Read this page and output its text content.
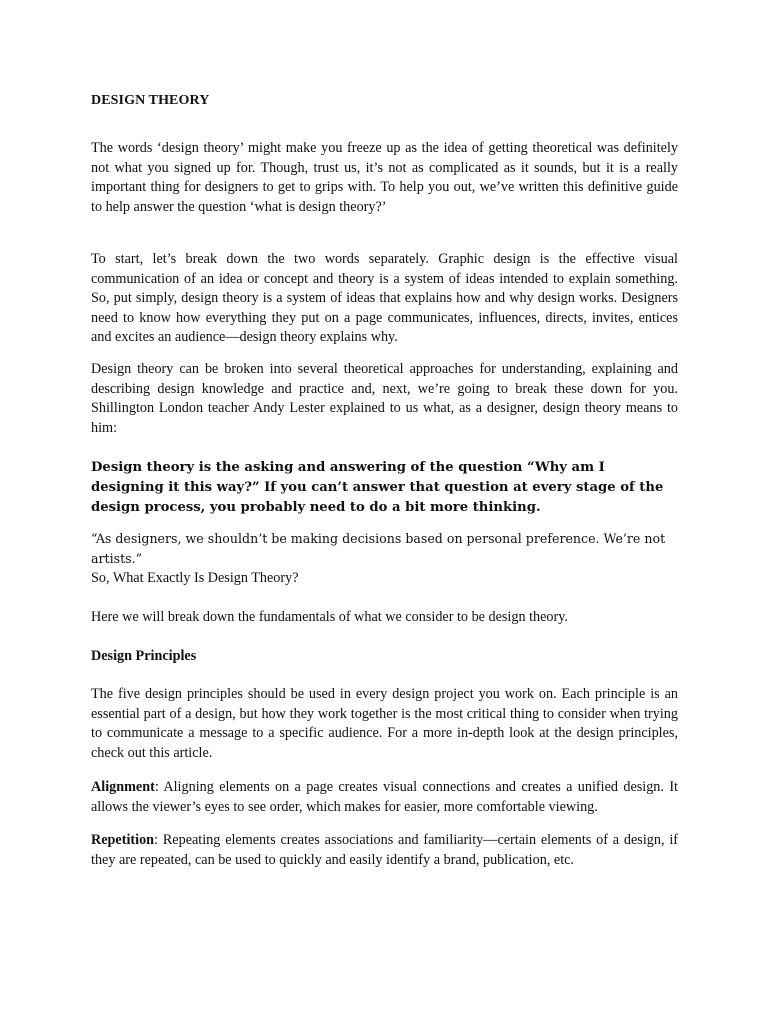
DESIGN THEORY

The words ‘design theory’ might make you freeze up as the idea of getting theoretical was definitely not what you signed up for. Though, trust us, it’s not as complicated as it sounds, but it is a really important thing for designers to get to grips with. To help you out, we’ve written this definitive guide to help answer the question ‘what is design theory?’

To start, let’s break down the two words separately. Graphic design is the effective visual communication of an idea or concept and theory is a system of ideas intended to explain something. So, put simply, design theory is a system of ideas that explains how and why design works. Designers need to know how everything they put on a page communicates, influences, directs, invites, entices and excites an audience—design theory explains why.

Design theory can be broken into several theoretical approaches for understanding, explaining and describing design knowledge and practice and, next, we’re going to break these down for you. Shillington London teacher Andy Lester explained to us what, as a designer, design theory means to him:

Design theory is the asking and answering of the question “Why am I designing it this way?” If you can’t answer that question at every stage of the design process, you probably need to do a bit more thinking.

“As designers, we shouldn’t be making decisions based on personal preference. We’re not artists.”

So, What Exactly Is Design Theory?

Here we will break down the fundamentals of what we consider to be design theory.

Design Principles

The five design principles should be used in every design project you work on. Each principle is an essential part of a design, but how they work together is the most critical thing to consider when trying to communicate a message to a specific audience. For a more in-depth look at the design principles, check out this article.

Alignment: Aligning elements on a page creates visual connections and creates a unified design. It allows the viewer’s eyes to see order, which makes for easier, more comfortable viewing.

Repetition: Repeating elements creates associations and familiarity—certain elements of a design, if they are repeated, can be used to quickly and easily identify a brand, publication, etc.
